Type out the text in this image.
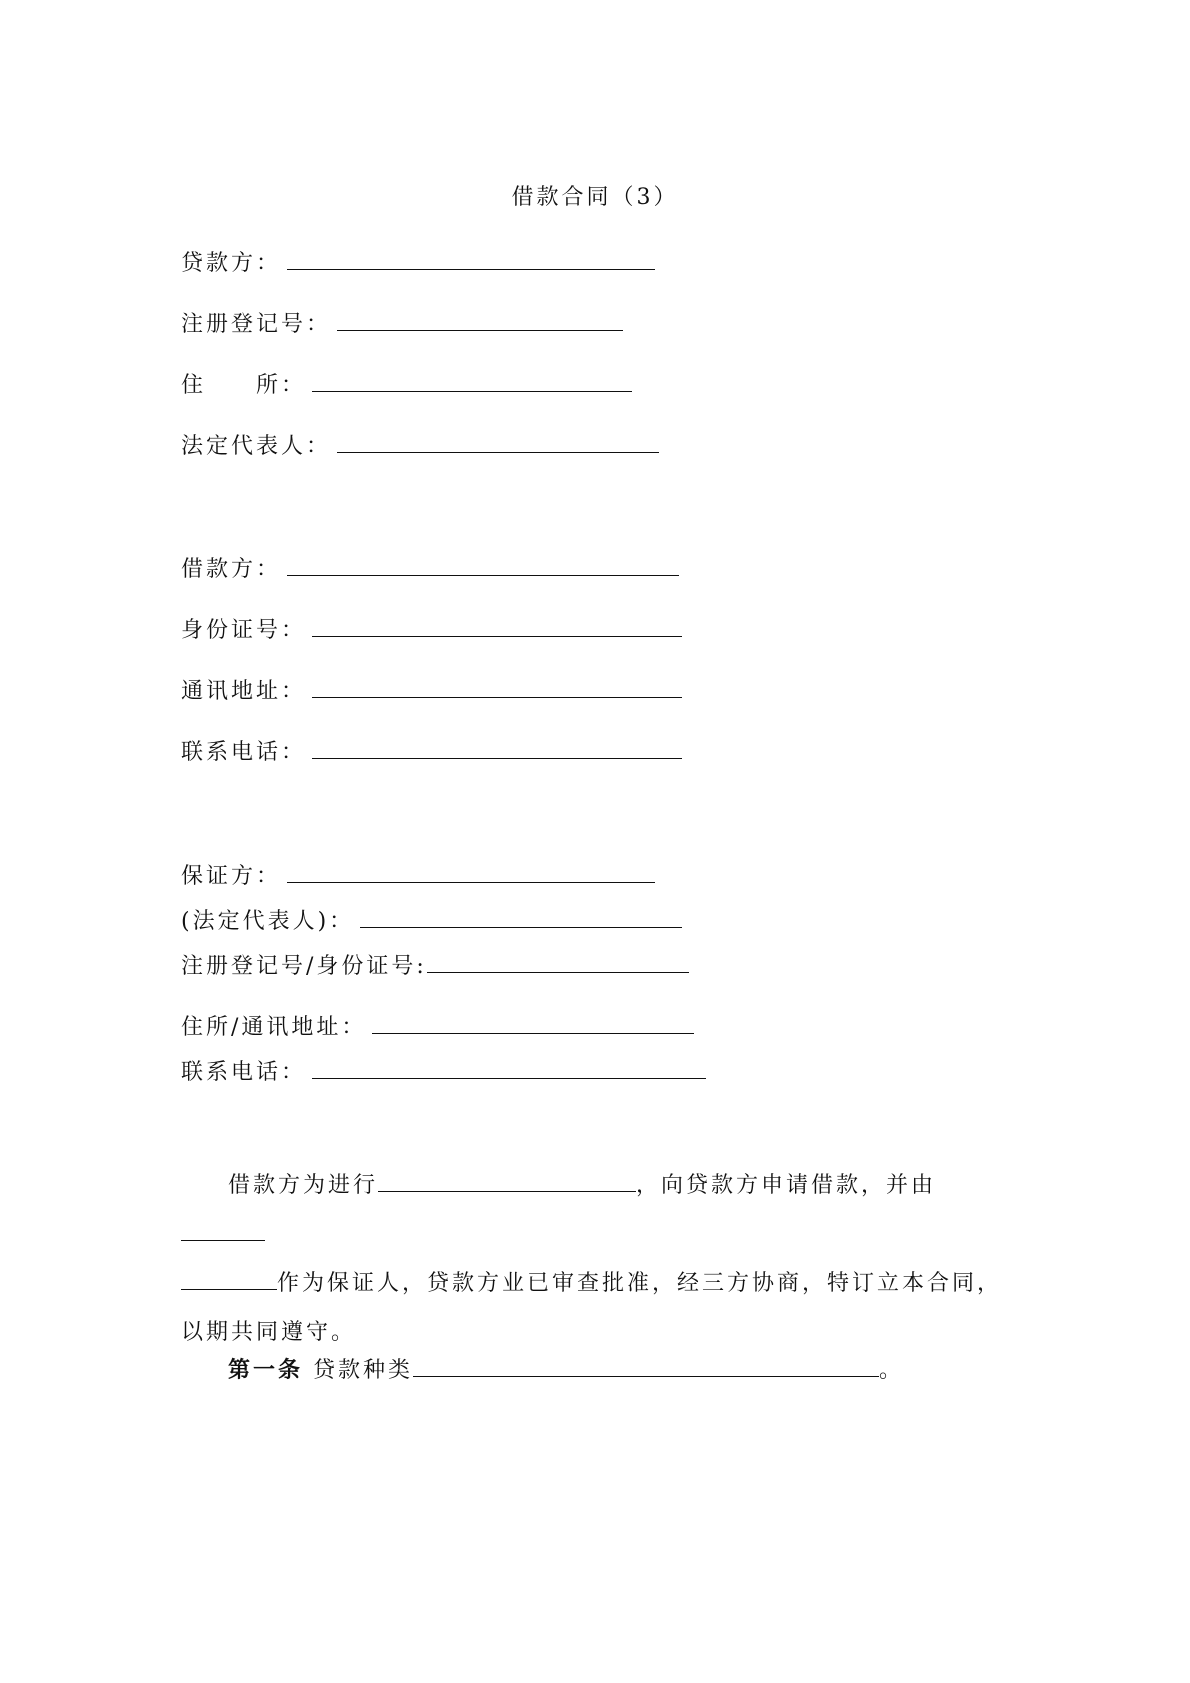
借款合同（3）
贷款方：
注册登记号：
住　　所：
法定代表人：
借款方：
身份证号：
通讯地址：
联系电话：
保证方：
(法定代表人)：
注册登记号/身份证号:
住所/通讯地址：
联系电话：
借款方为进行	，向贷款方申请借款，并由
作为保证人，贷款方业已审查批准，经三方协商，特订立本合同，以期共同遵守。
第一条 贷款种类	。
